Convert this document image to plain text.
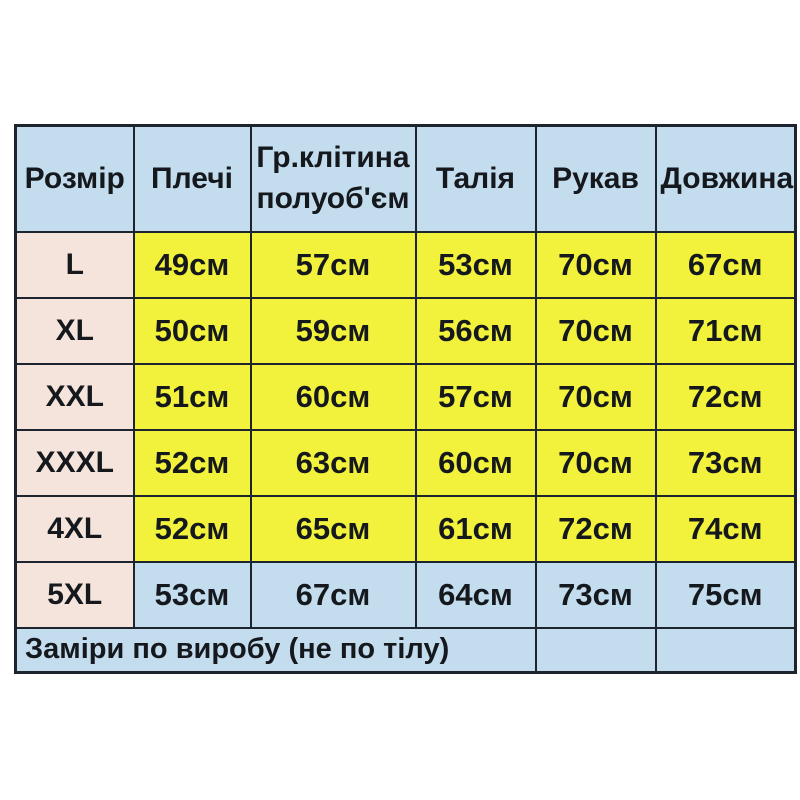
Розмір	Плечі	Гр.клітина полуоб'єм	Талія	Рукав	Довжина
L	49см	57см	53см	70см	67см
XL	50см	59см	56см	70см	71см
XXL	51см	60см	57см	70см	72см
XXXL	52см	63см	60см	70см	73см
4XL	52см	65см	61см	72см	74см
5XL	53см	67см	64см	73см	75см
Заміри по виробу (не по тілу)					
